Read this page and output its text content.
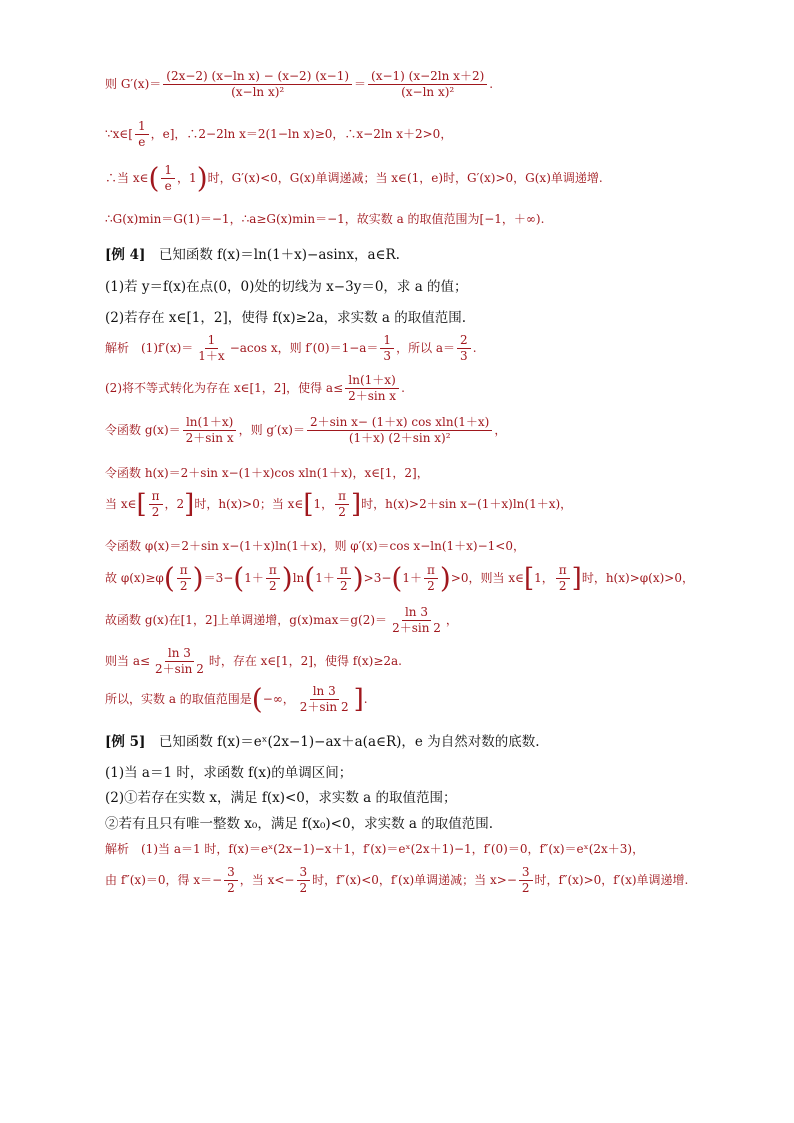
则 $G'(x)= \frac{\text{(2x−2) (x−ln x) − (x−2) (x−1)}}{\text{(x−ln x)²}} = \frac{\text{(x−1) (x−2ln x＋2)}}{\text{(x−ln x)²}}$ .
∵x∈[ $\frac{1}{e}$ ，e]，∴2−2ln x＝2(1−ln x)≥0，∴x−2ln x＋2>0，
∴当 x∈( $\frac{1}{e}$ ，1)时，G′(x)<0，G(x)单调递减；当 x∈(1，e)时，G′(x)>0，G(x)单调递增.
∴G(x)min＝G(1)＝−1，∴a≥G(x)min＝−1，故实数 a 的取值范围为[−1，＋∞).
[例 4]　已知函数 f(x)＝ln(1＋x)−asinx，a∈R.
(1)若 y＝f(x)在点(0，0)处的切线为 x−3y＝0，求 a 的值；
(2)若存在 x∈[1，2]，使得 f(x)≥2a，求实数 a 的取值范围.
解析　$(1)f'(x)= \frac{1}{1+x} -acos$ x，则 $f'(0)=1-a= \frac{1}{3}$ ，所以 $a= \frac{2}{3}$ .
(2)将不等式转化为存在 x∈[1，2]，使得 $a\le \frac{\ln(1+x)}{\text{2＋sin x}}$ .
令函数 $g(x)= \frac{\ln(1+x)}{\text{2＋sin x}}$ ，则 $g'(x)= \frac{\text{2＋sin x− (1＋x) cos xln(1＋x)}}{\text{(1＋x) (2＋sin x)²}}$ ，
令函数 h(x)＝2＋sin x−(1＋x)cos xln(1＋x)，x∈[1，2]，
当 x∈[ $\frac{\pi}{2}$ ，2]时，h(x)>0；当 x∈[1， $\frac{\pi}{2}$ ]时，h(x)>2＋sin x−(1＋x)ln(1＋x)，
令函数 φ(x)＝2＋sin x−(1＋x)ln(1＋x)，则 φ′(x)＝cos x−ln(1＋x)−1<0，
故 $\varphi(x)\ge\varphi( \frac{\pi}{2} )=3-(1+ \frac{\pi}{2} )\ln(1+ \frac{\pi}{2} )>3-(1+ \frac{\pi}{2} )>0$，则当 x∈[1， $\frac{\pi}{2}$ ]时，h(x)>φ(x)>0，
故函数 g(x)在[1，2]上单调递增，$g(x)\max=g(2)= \frac{\ln 3}{2+\sin 2}$ ，
则当 $a\le \frac{\ln 3}{2+\sin 2}$ 时，存在 x∈[1，2]，使得 f(x)≥2a.
所以，实数 a 的取值范围是(−∞， $\frac{\ln 3}{2+\sin 2}$ ].
[例 5]　已知函数 f(x)＝eˣ(2x−1)−ax＋a(a∈R)，e 为自然对数的底数.
(1)当 a＝1 时，求函数 f(x)的单调区间；
(2)①若存在实数 x，满足 f(x)<0，求实数 a 的取值范围；
②若有且只有唯一整数 x₀，满足 f(x₀)<0，求实数 a 的取值范围.
解析　(1)当 a＝1 时，f(x)＝eˣ(2x−1)−x＋1，f′(x)＝eˣ(2x＋1)−1，f′(0)＝0，f″(x)＝eˣ(2x＋3)，
由 f″(x)＝0，得 $x=- \frac{3}{2}$ ，当 $x<- \frac{3}{2}$ 时，f″(x)<0，f′(x)单调递减；当 $x>- \frac{3}{2}$ 时，f″(x)>0，f′(x)单调递增.
